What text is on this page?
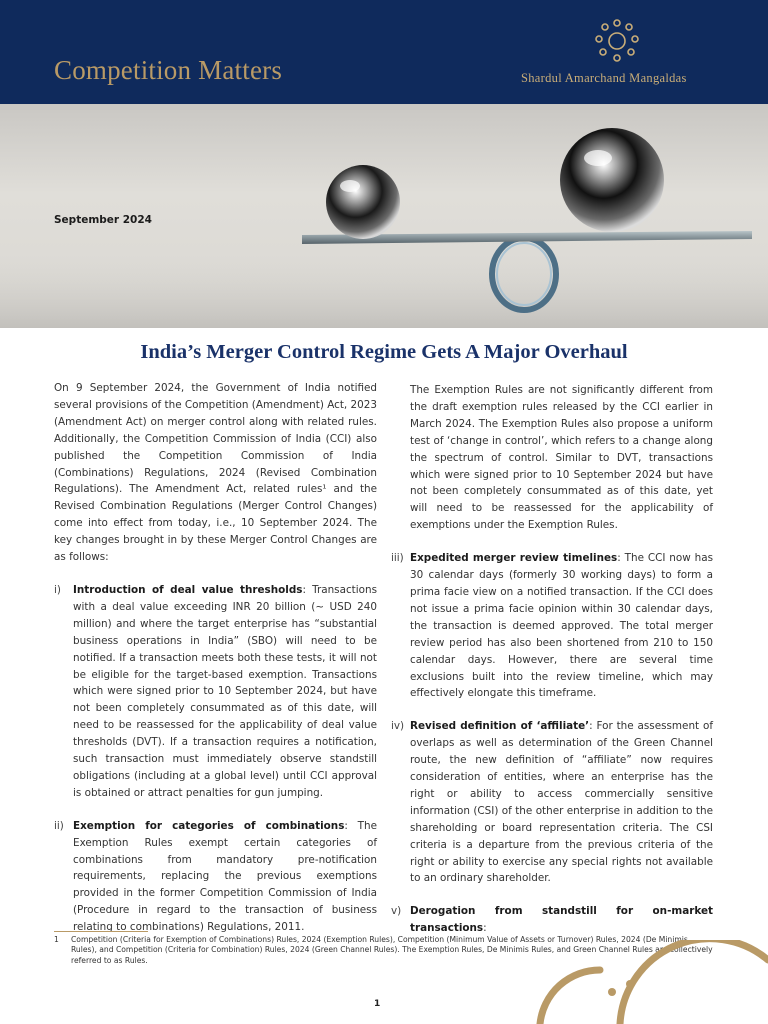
Competition Matters	Shardul Amarchand Mangaldas
September 2024
India’s Merger Control Regime Gets A Major Overhaul

On 9 September 2024, the Government of India notified several provisions of the Competition (Amendment) Act, 2023 (Amendment Act) on merger control along with related rules. Additionally, the Competition Commission of India (CCI) also published the Competition Commission of India (Combinations) Regulations, 2024 (Revised Combination Regulations). The Amendment Act, related rules¹ and the Revised Combination Regulations (Merger Control Changes) come into effect from today, i.e., 10 September 2024. The key changes brought in by these Merger Control Changes are as follows:

i) Introduction of deal value thresholds: Transactions with a deal value exceeding INR 20 billion (~ USD 240 million) and where the target enterprise has “substantial business operations in India” (SBO) will need to be notified. If a transaction meets both these tests, it will not be eligible for the target-based exemption. Transactions which were signed prior to 10 September 2024, but have not been completely consummated as of this date, will need to be reassessed for the applicability of deal value thresholds (DVT). If a transaction requires a notification, such transaction must immediately observe standstill obligations (including at a global level) until CCI approval is obtained or attract penalties for gun jumping.
ii) Exemption for categories of combinations: The Exemption Rules exempt certain categories of combinations from mandatory pre-notification requirements, replacing the previous exemptions provided in the former Competition Commission of India (Procedure in regard to the transaction of business relating to combinations) Regulations, 2011.

The Exemption Rules are not significantly different from the draft exemption rules released by the CCI earlier in March 2024. The Exemption Rules also propose a uniform test of ‘change in control’, which refers to a change along the spectrum of control. Similar to DVT, transactions which were signed prior to 10 September 2024 but have not been completely consummated as of this date, yet will need to be reassessed for the applicability of exemptions under the Exemption Rules.

iii) Expedited merger review timelines: The CCI now has 30 calendar days (formerly 30 working days) to form a prima facie view on a notified transaction. If the CCI does not issue a prima facie opinion within 30 calendar days, the transaction is deemed approved. The total merger review period has also been shortened from 210 to 150 calendar days. However, there are several time exclusions built into the review timeline, which may effectively elongate this timeframe.
iv) Revised definition of ‘affiliate’: For the assessment of overlaps as well as determination of the Green Channel route, the new definition of “affiliate” now requires consideration of entities, where an enterprise has the right or ability to access commercially sensitive information (CSI) of the other enterprise in addition to the shareholding or board representation criteria. The CSI criteria is a departure from the previous criteria of the right or ability to exercise any special rights not available to an ordinary shareholder.
v) Derogation from standstill for on-market transactions:
1 Competition (Criteria for Exemption of Combinations) Rules, 2024 (Exemption Rules), Competition (Minimum Value of Assets or Turnover) Rules, 2024 (De Minimis Rules), and Competition (Criteria for Combination) Rules, 2024 (Green Channel Rules). The Exemption Rules, De Minimis Rules, and Green Channel Rules are collectively referred to as Rules.
1
